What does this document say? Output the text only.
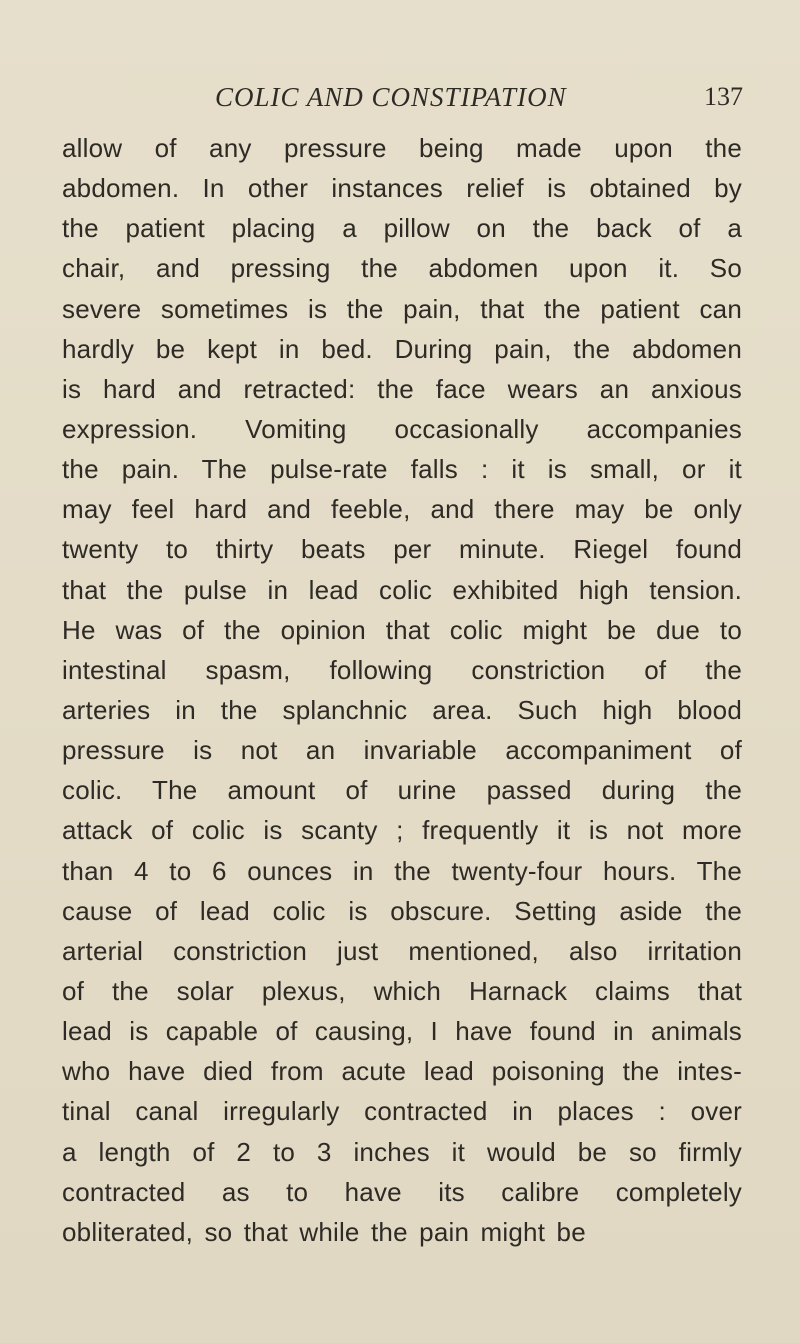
COLIC AND CONSTIPATION	137
allow of any pressure being made upon the
abdomen. In other instances relief is obtained by
the patient placing a pillow on the back of a
chair, and pressing the abdomen upon it. So
severe sometimes is the pain, that the patient can
hardly be kept in bed. During pain, the abdomen
is hard and retracted: the face wears an anxious
expression. Vomiting occasionally accompanies
the pain. The pulse-rate falls : it is small, or it
may feel hard and feeble, and there may be only
twenty to thirty beats per minute. Riegel found
that the pulse in lead colic exhibited high tension.
He was of the opinion that colic might be due to
intestinal spasm, following constriction of the
arteries in the splanchnic area. Such high blood
pressure is not an invariable accompaniment of
colic. The amount of urine passed during the
attack of colic is scanty ; frequently it is not more
than 4 to 6 ounces in the twenty-four hours. The
cause of lead colic is obscure. Setting aside the
arterial constriction just mentioned, also irritation
of the solar plexus, which Harnack claims that
lead is capable of causing, I have found in animals
who have died from acute lead poisoning the intes-
tinal canal irregularly contracted in places : over
a length of 2 to 3 inches it would be so firmly
contracted as to have its calibre completely
obliterated, so that while the pain might be
